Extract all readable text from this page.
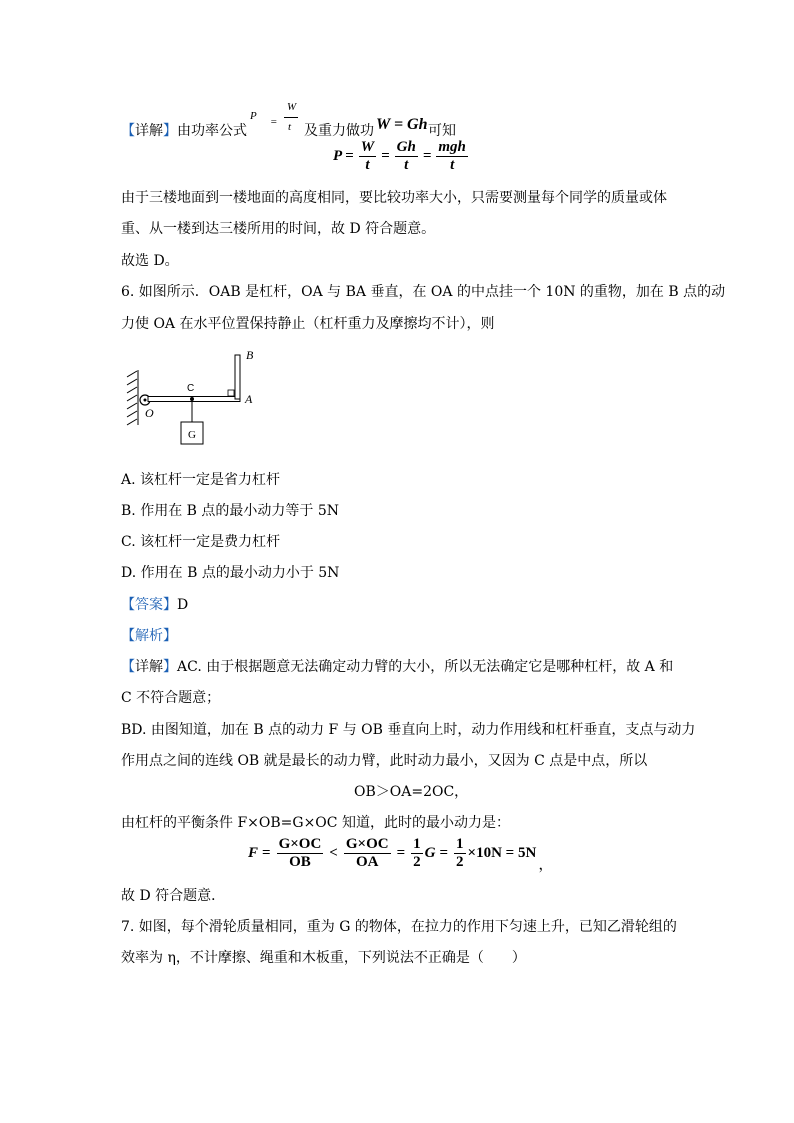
【详解】由功率公式
P =
W
t 及重力做功 W = Gh 可知
$P = \frac{W}{t} = \frac{Gh}{t} = \frac{\text{mgh}}{t}$
由于三楼地面到一楼地面的高度相同，要比较功率大小，只需要测量每个同学的质量或体
重、从一楼到达三楼所用的时间，故 D 符合题意。
故选 D。
6. 如图所示．OAB 是杠杆，OA 与 BA 垂直，在 OA 的中点挂一个 10N 的重物，加在 B 点的动
力使 OA 在水平位置保持静止（杠杆重力及摩擦均不计），则
G
B
C
O
A
A. 该杠杆一定是省力杠杆
B. 作用在 B 点的最小动力等于 5N
C. 该杠杆一定是费力杠杆
D. 作用在 B 点的最小动力小于 5N
【答案】D
【解析】
【详解】AC. 由于根据题意无法确定动力臂的大小，所以无法确定它是哪种杠杆，故 A 和
C 不符合题意；
BD. 由图知道，加在 B 点的动力 F 与 OB 垂直向上时，动力作用线和杠杆垂直，支点与动力
作用点之间的连线 OB 就是最长的动力臂，此时动力最小，又因为 C 点是中点，所以
OB＞OA=2OC，
由杠杆的平衡条件 F×OB=G×OC 知道，此时的最小动力是：
$F = \frac{G\times OC}{OB} < \frac{G\times OC}{OA} = \frac{1}{2}$ $G = \frac{1}{2} \times 10N = 5N$
，
故 D 符合题意．
7. 如图，每个滑轮质量相同，重为 G 的物体，在拉力的作用下匀速上升，已知乙滑轮组的
效率为 η，不计摩擦、绳重和木板重，下列说法不正确是（　　）
